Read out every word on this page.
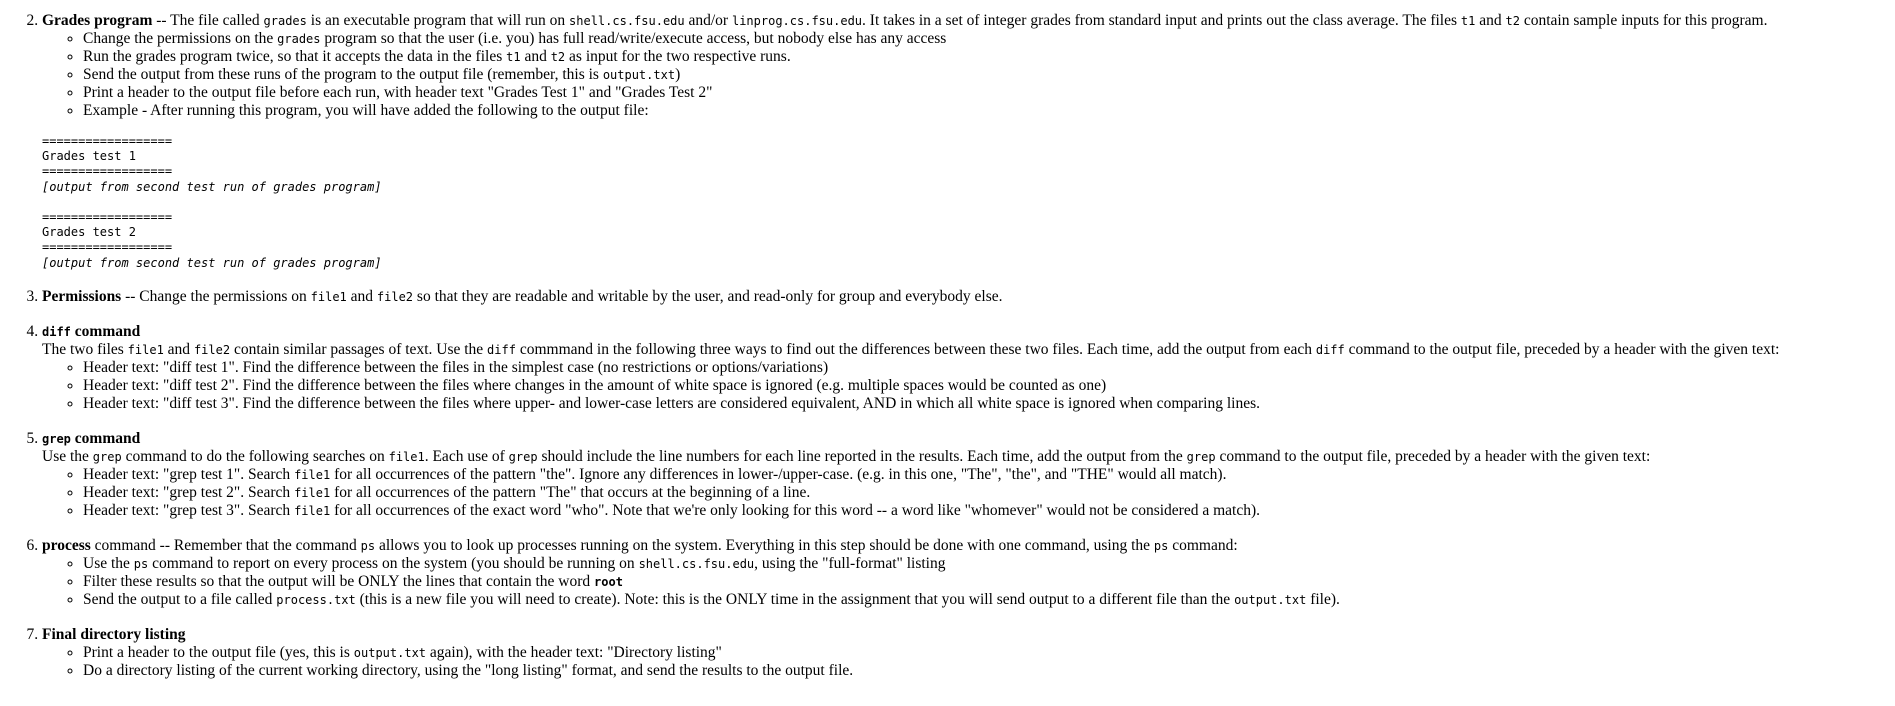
2. Grades program -- The file called grades is an executable program that will run on shell.cs.fsu.edu and/or linprog.cs.fsu.edu. It takes in a set of integer grades from standard input and prints out the class average. The files t1 and t2 contain sample inputs for this program.
◦ Change the permissions on the grades program so that the user (i.e. you) has full read/write/execute access, but nobody else has any access
◦ Run the grades program twice, so that it accepts the data in the files t1 and t2 as input for the two respective runs.
◦ Send the output from these runs of the program to the output file (remember, this is output.txt)
◦ Print a header to the output file before each run, with header text "Grades Test 1" and "Grades Test 2"
◦ Example - After running this program, you will have added the following to the output file:
==================
Grades test 1
==================
[output from second test run of grades program]

==================
Grades test 2
==================
[output from second test run of grades program]

3. Permissions -- Change the permissions on file1 and file2 so that they are readable and writable by the user, and read-only for group and everybody else.
4. diff command
The two files file1 and file2 contain similar passages of text. Use the diff commmand in the following three ways to find out the differences between these two files. Each time, add the output from each diff command to the output file, preceded by a header with the given text:
◦ Header text: "diff test 1". Find the difference between the files in the simplest case (no restrictions or options/variations)
◦ Header text: "diff test 2". Find the difference between the files where changes in the amount of white space is ignored (e.g. multiple spaces would be counted as one)
◦ Header text: "diff test 3". Find the difference between the files where upper- and lower-case letters are considered equivalent, AND in which all white space is ignored when comparing lines.
5. grep command
Use the grep command to do the following searches on file1. Each use of grep should include the line numbers for each line reported in the results. Each time, add the output from the grep command to the output file, preceded by a header with the given text:
◦ Header text: "grep test 1". Search file1 for all occurrences of the pattern "the". Ignore any differences in lower-/upper-case. (e.g. in this one, "The", "the", and "THE" would all match).
◦ Header text: "grep test 2". Search file1 for all occurrences of the pattern "The" that occurs at the beginning of a line.
◦ Header text: "grep test 3". Search file1 for all occurrences of the exact word "who". Note that we're only looking for this word -- a word like "whomever" would not be considered a match).
6. process command -- Remember that the command ps allows you to look up processes running on the system. Everything in this step should be done with one command, using the ps command:
◦ Use the ps command to report on every process on the system (you should be running on shell.cs.fsu.edu, using the "full-format" listing
◦ Filter these results so that the output will be ONLY the lines that contain the word root
◦ Send the output to a file called process.txt (this is a new file you will need to create). Note: this is the ONLY time in the assignment that you will send output to a different file than the output.txt file).
7. Final directory listing
◦ Print a header to the output file (yes, this is output.txt again), with the header text: "Directory listing"
◦ Do a directory listing of the current working directory, using the "long listing" format, and send the results to the output file.
